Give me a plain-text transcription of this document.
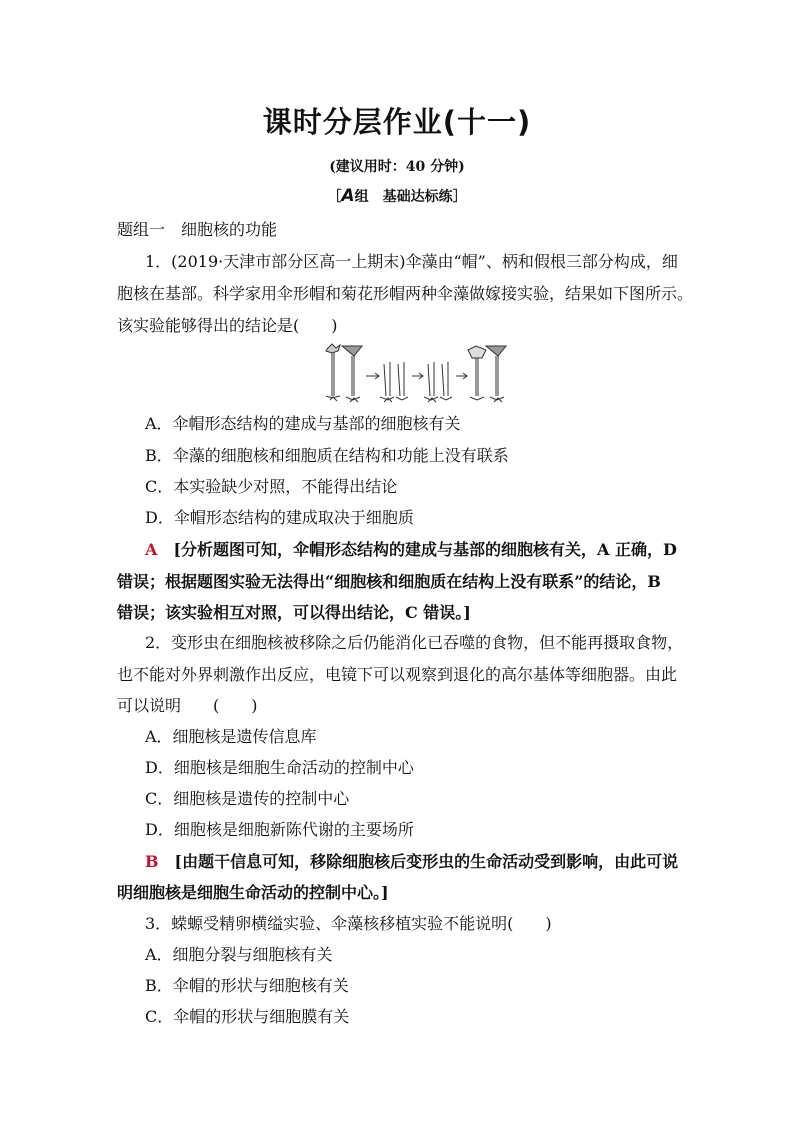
课时分层作业(十一)
(建议用时：40 分钟)
［A组　基础达标练］
题组一　细胞核的功能
1．(2019·天津市部分区高一上期末)伞藻由“帽”、柄和假根三部分构成，细
胞核在基部。科学家用伞形帽和菊花形帽两种伞藻做嫁接实验，结果如下图所示。
该实验能够得出的结论是(　　)
A．伞帽形态结构的建成与基部的细胞核有关
B．伞藻的细胞核和细胞质在结构和功能上没有联系
C．本实验缺少对照，不能得出结论
D．伞帽形态结构的建成取决于细胞质
A　 [分析题图可知，伞帽形态结构的建成与基部的细胞核有关，A 正确，D
错误；根据题图实验无法得出“细胞核和细胞质在结构上没有联系”的结论，B
错误；该实验相互对照，可以得出结论，C 错误。]
2．变形虫在细胞核被移除之后仍能消化已吞噬的食物，但不能再摄取食物，
也不能对外界刺激作出反应，电镜下可以观察到退化的高尔基体等细胞器。由此
可以说明　　(　　)
A．细胞核是遗传信息库
D．细胞核是细胞生命活动的控制中心
C．细胞核是遗传的控制中心
D．细胞核是细胞新陈代谢的主要场所
B　 [由题干信息可知，移除细胞核后变形虫的生命活动受到影响，由此可说
明细胞核是细胞生命活动的控制中心。]
3．蝾螈受精卵横缢实验、伞藻核移植实验不能说明(　　)
A．细胞分裂与细胞核有关
B．伞帽的形状与细胞核有关
C．伞帽的形状与细胞膜有关
